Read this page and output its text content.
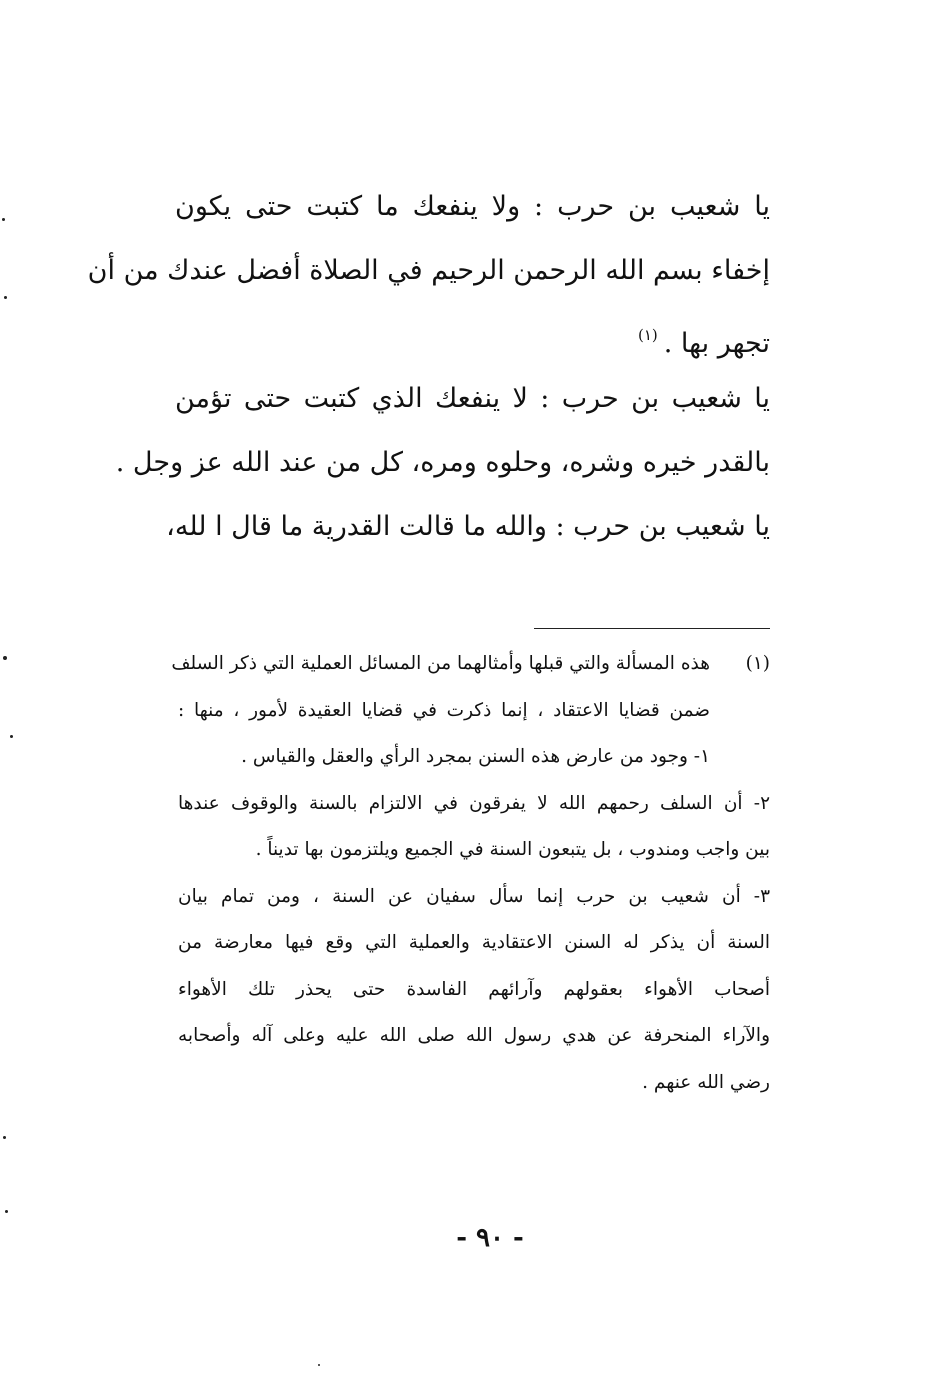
يا شعيب بن حرب : ولا ينفعك ما كتبت حتى يكون
إخفاء بسم الله الرحمن الرحيم في الصلاة أفضل عندك من أن
تجهر بها .$^{(١)}$
يا شعيب بن حرب : لا ينفعك الذي كتبت حتى تؤمن
بالقدر خيره وشره، وحلوه ومره، كل من عند الله عز وجل .
يا شعيب بن حرب : والله ما قالت القدرية ما قال ا لله،
(١)
هذه المسألة والتي قبلها وأمثالهما من المسائل العملية التي ذكر السلف
ضمن قضايا الاعتقاد ، إنما ذكرت في قضايا العقيدة لأمور ، منها :
١- وجود من عارض هذه السنن بمجرد الرأي والعقل والقياس .
٢- أن السلف رحمهم الله لا يفرقون في الالتزام بالسنة والوقوف عندها
بين واجب ومندوب ، بل يتبعون السنة في الجميع ويلتزمون بها تديناً .
٣- أن شعيب بن حرب إنما سأل سفيان عن السنة ، ومن تمام بيان
السنة أن يذكر له السنن الاعتقادية والعملية التي وقع فيها معارضة من
أصحاب الأهواء بعقولهم وآرائهم الفاسدة حتى يحذر تلك الأهواء
والآراء المنحرفة عن هدي رسول الله صلى الله عليه وعلى آله وأصحابه
رضي الله عنهم .
- ٩٠ -
